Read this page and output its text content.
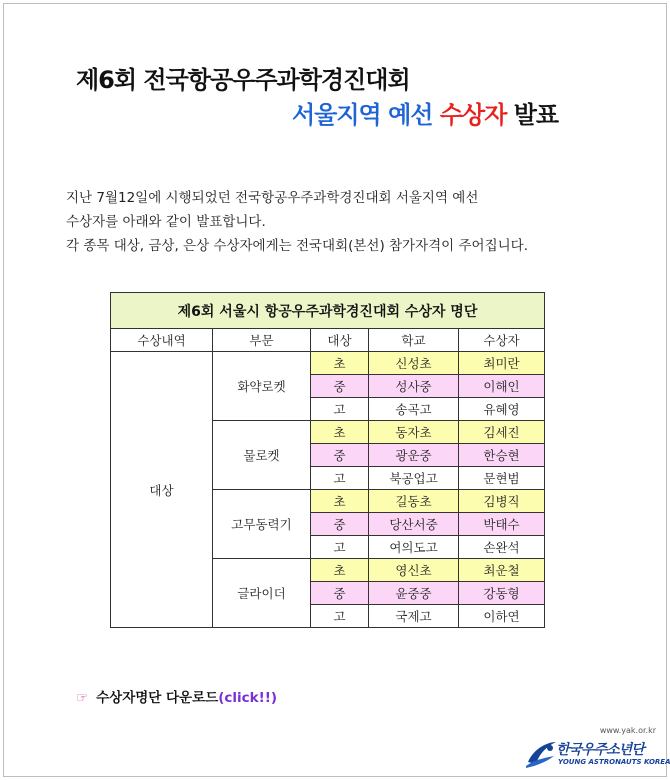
제6회 전국항공우주과학경진대회
서울지역 예선 수상자 발표
지난 7월12일에 시행되었던 전국항공우주과학경진대회 서울지역 예선
수상자를 아래와 같이 발표합니다.
각 종목 대상, 금상, 은상 수상자에게는 전국대회(본선) 참가자격이 주어집니다.
제6회 서울시 항공우주과학경진대회 수상자 명단				
수상내역	부문	대상	학교	수상자
대상	화약로켓	초	신성초	최미란
		중	성사중	이해인
		고	송곡고	유혜영
	물로켓	초	동자초	김세진
		중	광운중	한승현
		고	북공업고	문현범
	고무동력기	초	길동초	김병직
		중	당산서중	박태수
		고	여의도고	손완석
	글라이더	초	영신초	최운철
		중	윤중중	강동형
		고	국제고	이하연
☞ 수상자명단 다운로드(click!!)
www.yak.or.kr
한국우주소년단
YOUNG ASTRONAUTS KOREA
